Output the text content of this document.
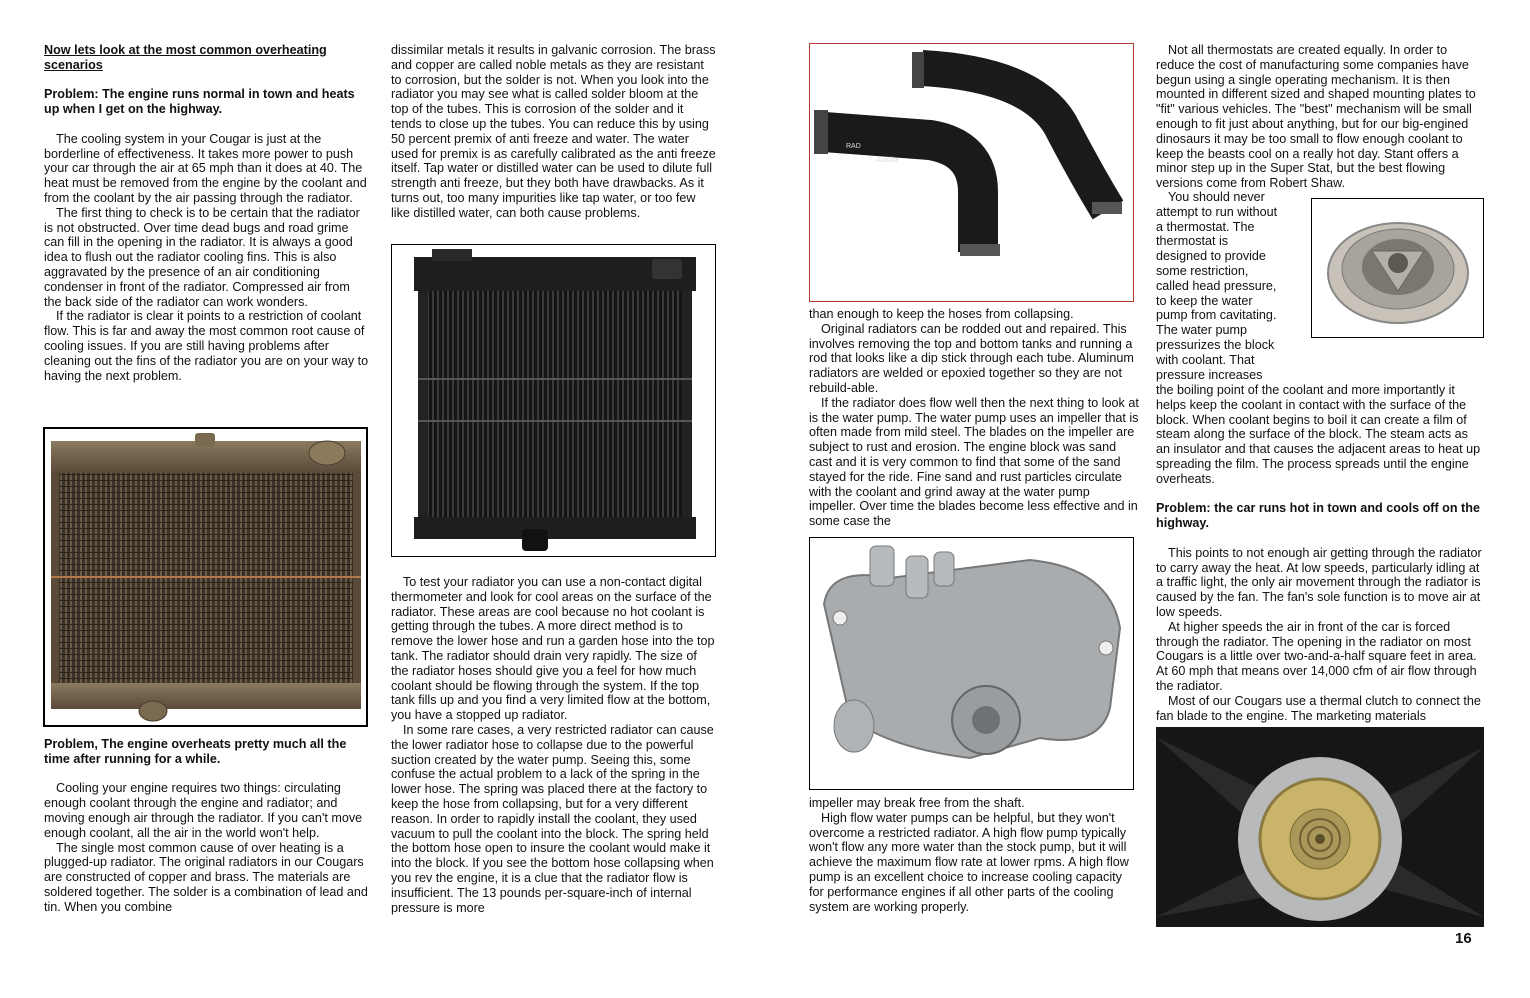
Now lets look at the most common overheating scenarios

Problem: The engine runs normal in town and heats up when I get on the highway.

The cooling system in your Cougar is just at the borderline of effectiveness. It takes more power to push your car through the air at 65 mph than it does at 40. The heat must be removed from the engine by the coolant and from the coolant by the air passing through the radiator.

The first thing to check is to be certain that the radiator is not obstructed. Over time dead bugs and road grime can fill in the opening in the radiator. It is always a good idea to flush out the radiator cooling fins. This is also aggravated by the presence of an air conditioning condenser in front of the radiator. Compressed air from the back side of the radiator can work wonders.

If the radiator is clear it points to a restriction of coolant flow. This is far and away the most common root cause of cooling issues. If you are still having problems after cleaning out the fins of the radiator you are on your way to having the next problem.

Problem, The engine overheats pretty much all the time after running for a while.

Cooling your engine requires two things: circulating enough coolant through the engine and radiator; and moving enough air through the radiator. If you can't move enough coolant, all the air in the world won't help.

The single most common cause of over heating is a plugged-up radiator. The original radiators in our Cougars are constructed of copper and brass. The materials are soldered together. The solder is a combination of lead and tin. When you combine

dissimilar metals it results in galvanic corrosion. The brass and copper are called noble metals as they are resistant to corrosion, but the solder is not. When you look into the radiator you may see what is called solder bloom at the top of the tubes. This is corrosion of the solder and it tends to close up the tubes. You can reduce this by using 50 percent premix of anti freeze and water. The water used for premix is as carefully calibrated as the anti freeze itself. Tap water or distilled water can be used to dilute full strength anti freeze, but they both have drawbacks. As it turns out, too many impurities like tap water, or too few like distilled water, can both cause problems.

To test your radiator you can use a non-contact digital thermometer and look for cool areas on the surface of the radiator. These areas are cool because no hot coolant is getting through the tubes. A more direct method is to remove the lower hose and run a garden hose into the top tank. The radiator should drain very rapidly. The size of the radiator hoses should give you a feel for how much coolant should be flowing through the system. If the top tank fills up and you find a very limited flow at the bottom, you have a stopped up radiator.

In some rare cases, a very restricted radiator can cause the lower radiator hose to collapse due to the powerful suction created by the water pump. Seeing this, some confuse the actual problem to a lack of the spring in the lower hose. The spring was placed there at the factory to keep the hose from collapsing, but for a very different reason. In order to rapidly install the coolant, they used vacuum to pull the coolant into the block. The spring held the bottom hose open to insure the coolant would make it into the block. If you see the bottom hose collapsing when you rev the engine, it is a clue that the radiator flow is insufficient. The 13 pounds per-square-inch of internal pressure is more

RAD
Autolite

than enough to keep the hoses from collapsing.

Original radiators can be rodded out and repaired. This involves removing the top and bottom tanks and running a rod that looks like a dip stick through each tube. Aluminum radiators are welded or epoxied together so they are not rebuild-able.

If the radiator does flow well then the next thing to look at is the water pump. The water pump uses an impeller that is often made from mild steel. The blades on the impeller are subject to rust and erosion. The engine block was sand cast and it is very common to find that some of the sand stayed for the ride. Fine sand and rust particles circulate with the coolant and grind away at the water pump impeller. Over time the blades become less effective and in some case the

impeller may break free from the shaft.

High flow water pumps can be helpful, but they won't overcome a restricted radiator. A high flow pump typically won't flow any more water than the stock pump, but it will achieve the maximum flow rate at lower rpms. A high flow pump is an excellent choice to increase cooling capacity for performance engines if all other parts of the cooling system are working properly.

Not all thermostats are created equally. In order to reduce the cost of manufacturing some companies have begun using a single operating mechanism. It is then mounted in different sized and shaped mounting plates to "fit" various vehicles. The "best" mechanism will be small enough to fit just about anything, but for our big-engined dinosaurs it may be too small to flow enough coolant to keep the beasts cool on a really hot day. Stant offers a minor step up in the Super Stat, but the best flowing versions come from Robert Shaw.

You should never

attempt to run without

a thermostat. The

thermostat is

designed to provide

some restriction,

called head pressure,

to keep the water

pump from cavitating.

The water pump

pressurizes the block

with coolant. That

pressure increases

the boiling point of the coolant and more importantly it helps keep the coolant in contact with the surface of the block. When coolant begins to boil it can create a film of steam along the surface of the block. The steam acts as an insulator and that causes the adjacent areas to heat up spreading the film. The process spreads until the engine overheats.

Problem: the car runs hot in town and cools off on the highway.

This points to not enough air getting through the radiator to carry away the heat. At low speeds, particularly idling at a traffic light, the only air movement through the radiator is caused by the fan. The fan's sole function is to move air at low speeds.

At higher speeds the air in front of the car is forced through the radiator. The opening in the radiator on most Cougars is a little over two-and-a-half square feet in area. At 60 mph that means over 14,000 cfm of air flow through the radiator.

Most of our Cougars use a thermal clutch to connect the fan blade to the engine. The marketing materials

16
